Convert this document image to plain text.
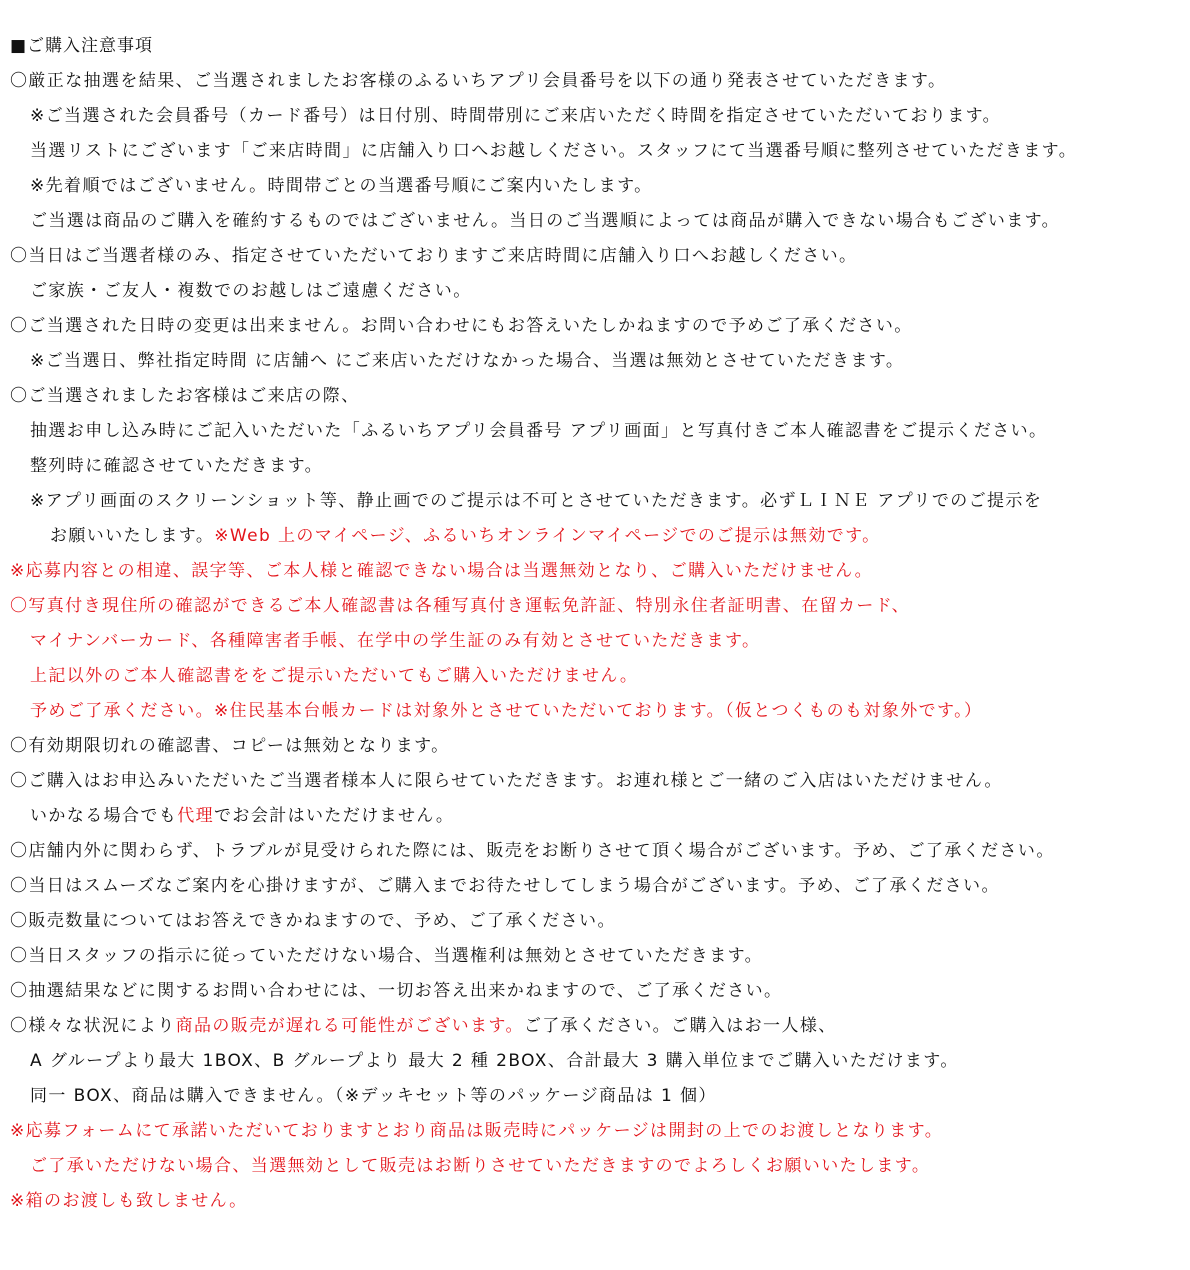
■ご購入注意事項
〇厳正な抽選を結果、ご当選されましたお客様のふるいちアプリ会員番号を以下の通り発表させていただきます。
※ご当選された会員番号（カード番号）は日付別、時間帯別にご来店いただく時間を指定させていただいております。
当選リストにございます「ご来店時間」に店舗入り口へお越しください。スタッフにて当選番号順に整列させていただきます。
※先着順ではございません。時間帯ごとの当選番号順にご案内いたします。
ご当選は商品のご購入を確約するものではございません。当日のご当選順によっては商品が購入できない場合もございます。
〇当日はご当選者様のみ、指定させていただいておりますご来店時間に店舗入り口へお越しください。
ご家族・ご友人・複数でのお越しはご遠慮ください。
〇ご当選された日時の変更は出来ません。お問い合わせにもお答えいたしかねますので予めご了承ください。
※ご当選日、弊社指定時間 に店舗へ にご来店いただけなかった場合、当選は無効とさせていただきます。
〇ご当選されましたお客様はご来店の際、
抽選お申し込み時にご記入いただいた「ふるいちアプリ会員番号 アプリ画面」と写真付きご本人確認書をご提示ください。
整列時に確認させていただきます。
※アプリ画面のスクリーンショット等、静止画でのご提示は不可とさせていただきます。必ずＬＩＮＥ アプリでのご提示を
お願いいたします。※Web 上のマイページ、ふるいちオンラインマイページでのご提示は無効です。
※応募内容との相違、誤字等、ご本人様と確認できない場合は当選無効となり、ご購入いただけません。
〇写真付き現住所の確認ができるご本人確認書は各種写真付き運転免許証、特別永住者証明書、在留カード、
マイナンバーカード、各種障害者手帳、在学中の学生証のみ有効とさせていただきます。
上記以外のご本人確認書ををご提示いただいてもご購入いただけません。
予めご了承ください。※住民基本台帳カードは対象外とさせていただいております。（仮とつくものも対象外です。）
〇有効期限切れの確認書、コピーは無効となります。
〇ご購入はお申込みいただいたご当選者様本人に限らせていただきます。お連れ様とご一緒のご入店はいただけません。
いかなる場合でも代理でお会計はいただけません。
〇店舗内外に関わらず、トラブルが見受けられた際には、販売をお断りさせて頂く場合がございます。予め、ご了承ください。
〇当日はスムーズなご案内を心掛けますが、ご購入までお待たせしてしまう場合がございます。予め、ご了承ください。
〇販売数量についてはお答えできかねますので、予め、ご了承ください。
〇当日スタッフの指示に従っていただけない場合、当選権利は無効とさせていただきます。
〇抽選結果などに関するお問い合わせには、一切お答え出来かねますので、ご了承ください。
〇様々な状況により商品の販売が遅れる可能性がございます。ご了承ください。ご購入はお一人様、
A グループより最大 1BOX、B グループより 最大 2 種 2BOX、合計最大 3 購入単位までご購入いただけます。
同一 BOX、商品は購入できません。（※デッキセット等のパッケージ商品は 1 個）
※応募フォームにて承諾いただいておりますとおり商品は販売時にパッケージは開封の上でのお渡しとなります。
ご了承いただけない場合、当選無効として販売はお断りさせていただきますのでよろしくお願いいたします。
※箱のお渡しも致しません。
